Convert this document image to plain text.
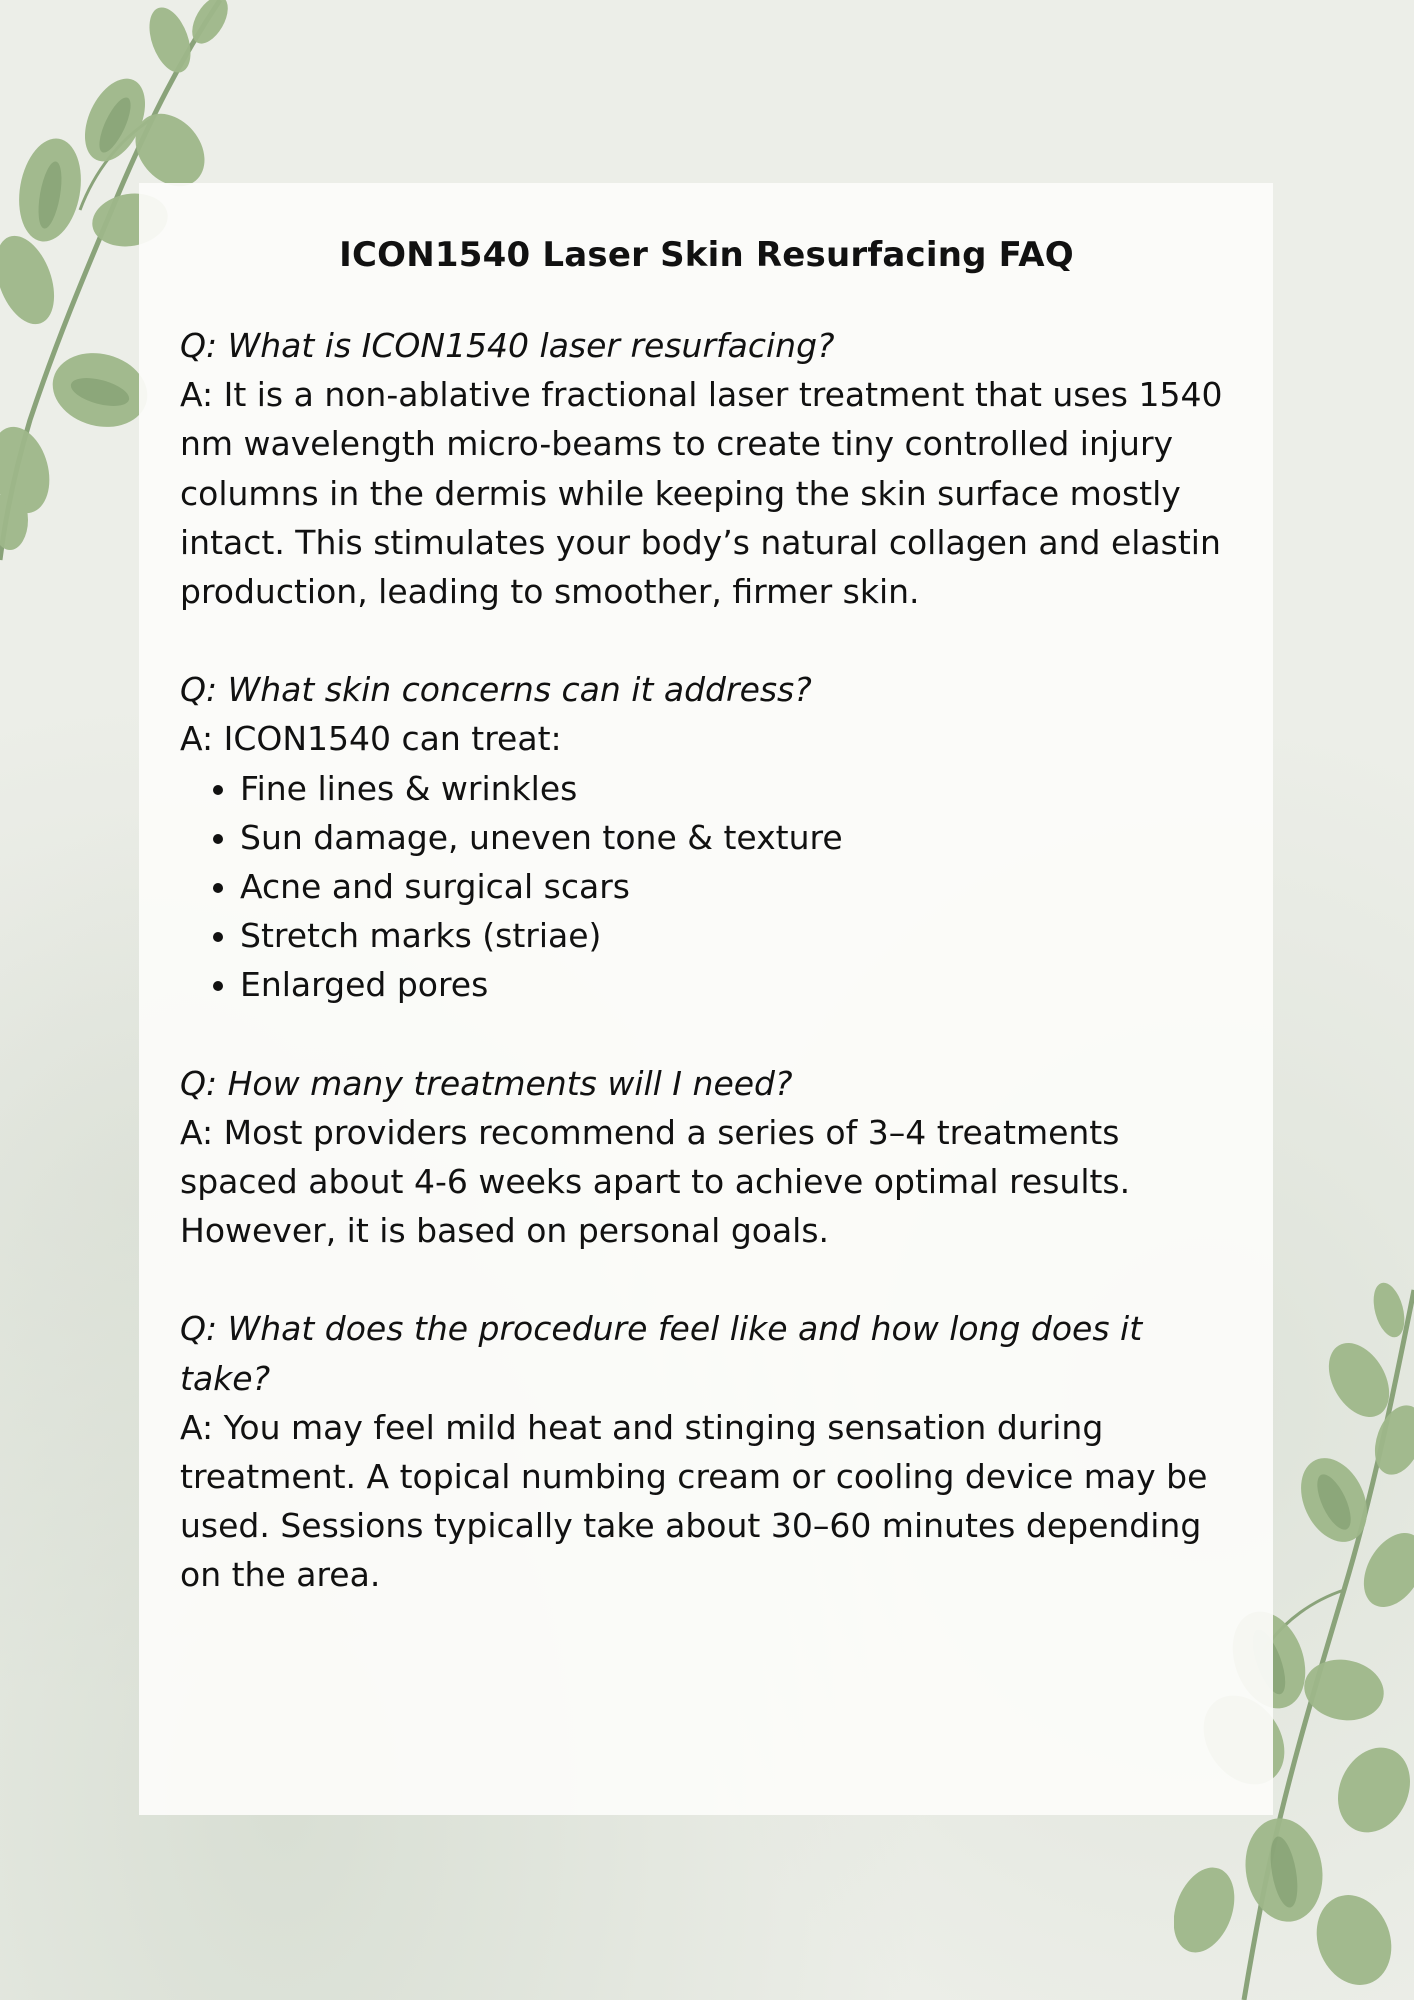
ICON1540 Laser Skin Resurfacing FAQ

Q: What is ICON1540 laser resurfacing?

A: It is a non-ablative fractional laser treatment that uses 1540 nm wavelength micro-beams to create tiny controlled injury columns in the dermis while keeping the skin surface mostly intact. This stimulates your body’s natural collagen and elastin production, leading to smoother, firmer skin.

Q: What skin concerns can it address?

A: ICON1540 can treat:

• Fine lines & wrinkles
• Sun damage, uneven tone & texture
• Acne and surgical scars
• Stretch marks (striae)
• Enlarged pores

Q: How many treatments will I need?

A: Most providers recommend a series of 3–4 treatments spaced about 4-6 weeks apart to achieve optimal results. However, it is based on personal goals.

Q: What does the procedure feel like and how long does it take?

A: You may feel mild heat and stinging sensation during treatment. A topical numbing cream or cooling device may be used. Sessions typically take about 30–60 minutes depending on the area.
